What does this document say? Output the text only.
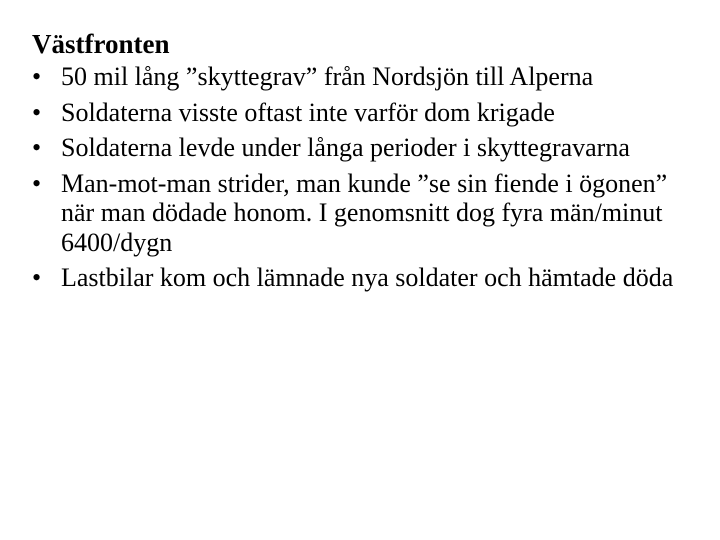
Västfronten
• 50 mil lång ”skyttegrav” från Nordsjön till Alperna
• Soldaterna visste oftast inte varför dom krigade
• Soldaterna levde under långa perioder i skyttegravarna
• Man-mot-man strider, man kunde ”se sin fiende i ögonen” när man dödade honom. I genomsnitt dog fyra män/minut 6400/dygn
• Lastbilar kom och lämnade nya soldater och hämtade döda
